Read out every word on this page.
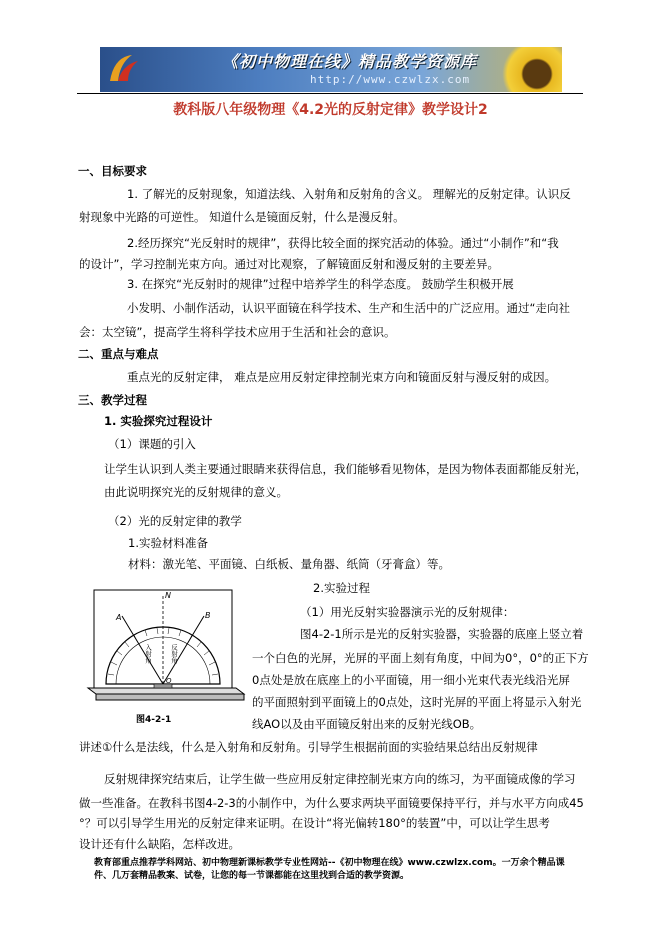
《初中物理在线》精品教学资源库
http://www.czwlzx.com
教科版八年级物理《4.2光的反射定律》教学设计2
一、目标要求
1. 了解光的反射现象，知道法线、入射角和反射角的含义。 理解光的反射定律。认识反
射现象中光路的可逆性。 知道什么是镜面反射，什么是漫反射。
2.经历探究“光反射时的规律”，获得比较全面的探究活动的体验。通过“小制作”和“我
的设计”，学习控制光束方向。通过对比观察，了解镜面反射和漫反射的主要差异。
3. 在探究“光反射时的规律”过程中培养学生的科学态度。 鼓励学生积极开展
小发明、小制作活动，认识平面镜在科学技术、生产和生活中的广泛应用。通过“走向社
会：太空镜”，提高学生将科学技术应用于生活和社会的意识。
二、重点与难点
重点光的反射定律， 难点是应用反射定律控制光束方向和镜面反射与漫反射的成因。
三、教学过程
1. 实验探究过程设计
（1）课题的引入
让学生认识到人类主要通过眼睛来获得信息，我们能够看见物体，是因为物体表面都能反射光，
由此说明探究光的反射规律的意义。
（2）光的反射定律的教学
1.实验材料准备
材料：激光笔、平面镜、白纸板、量角器、纸筒（牙膏盒）等。
2.实验过程
（1）用光反射实验器演示光的反射规律：
图4-2-1所示是光的反射实验器，实验器的底座上竖立着
一个白色的光屏，光屏的平面上刻有角度，中间为0°，0°的正下方
0点处是放在底座上的小平面镜，用一细小光束代表光线沿光屏
的平面照射到平面镜上的0点处，这时光屏的平面上将显示入射光
线AO以及由平面镜反射出来的反射光线OB。
A	B
N
O
入射角	反射角
图4-2-1
讲述①什么是法线，什么是入射角和反射角。引导学生根据前面的实验结果总结出反射规律
反射规律探究结束后，让学生做一些应用反射定律控制光束方向的练习，为平面镜成像的学习
做一些准备。在教科书图4-2-3的小制作中，为什么要求两块平面镜要保持平行，并与水平方向成45
°？可以引导学生用光的反射定律来证明。在设计“将光偏转180°的装置”中，可以让学生思考
设计还有什么缺陷，怎样改进。
教育部重点推荐学科网站、初中物理新课标教学专业性网站--《初中物理在线》www.czwlzx.com。一万余个精品课
件、几万套精品教案、试卷，让您的每一节课都能在这里找到合适的教学资源。
